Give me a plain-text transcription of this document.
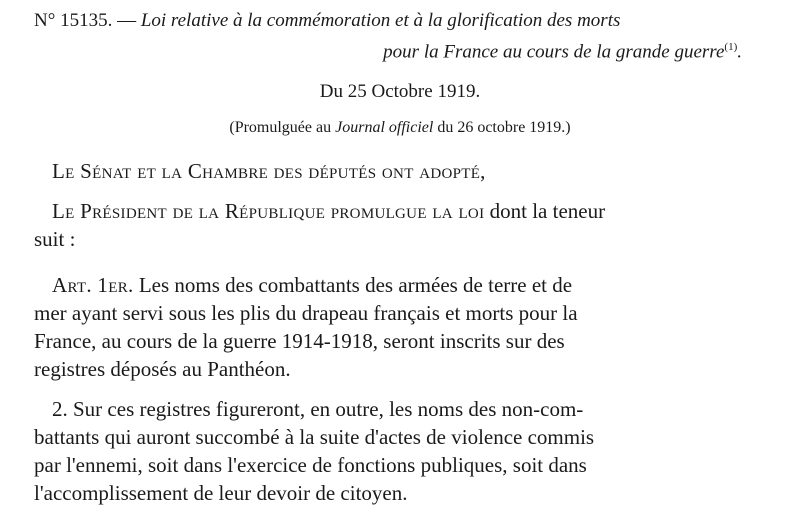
N° 15135. — Loi relative à la commémoration et à la glorification des morts
pour la France au cours de la grande guerre$^{(1)}$.
Du 25 Octobre 1919.
(Promulguée au Journal officiel du 26 octobre 1919.)

Le Sénat et la Chambre des députés ont adopté,

Le Président de la République promulgue la loi dont la teneur

suit :

Art. 1er. Les noms des combattants des armées de terre et de
mer ayant servi sous les plis du drapeau français et morts pour la
France, au cours de la guerre 1914-1918, seront inscrits sur des
registres déposés au Panthéon.
2. Sur ces registres figureront, en outre, les noms des non-com-
battants qui auront succombé à la suite d'actes de violence commis
par l'ennemi, soit dans l'exercice de fonctions publiques, soit dans
l'accomplissement de leur devoir de citoyen.
